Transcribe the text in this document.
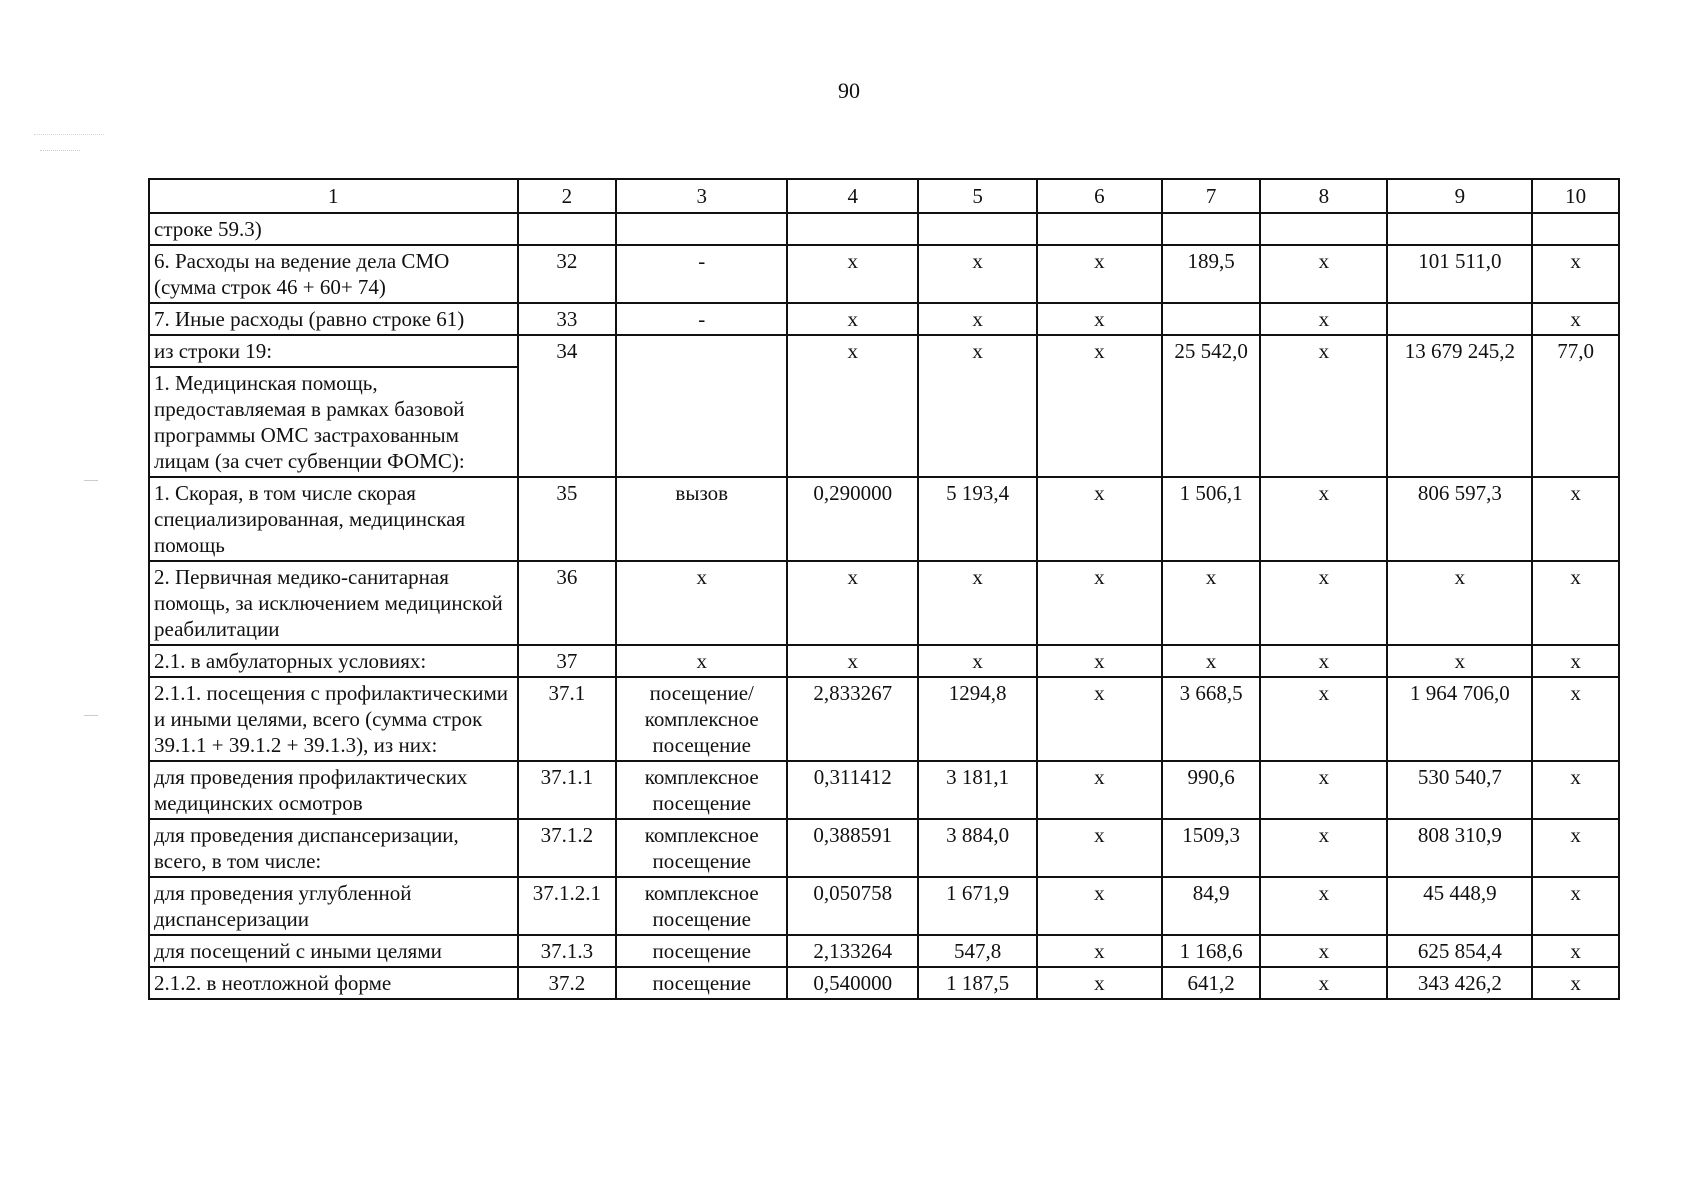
90
1	2	3	4	5	6	7	8	9	10
строке 59.3)									
6. Расходы на ведение дела СМО (сумма строк 46 + 60+ 74)	32	-	х	х	х	189,5	х	101 511,0	х
7. Иные расходы (равно строке 61)	33	-	х	х	х		х		х
из строки 19:	34		х	х	х	25 542,0	х	13 679 245,2	77,0
1. Медицинская помощь, предоставляемая в рамках базовой программы ОМС застрахованным лицам (за счет субвенции ФОМС):									
1. Скорая, в том числе скорая специализированная, медицинская помощь	35	вызов	0,290000	5 193,4	х	1 506,1	х	806 597,3	х
2. Первичная медико-санитарная помощь, за исключением медицинской реабилитации	36	х	х	х	х	х	х	х	х
2.1. в амбулаторных условиях:	37	х	х	х	х	х	х	х	х
2.1.1. посещения с профилактическими и иными целями, всего (сумма строк 39.1.1 + 39.1.2 + 39.1.3), из них:	37.1	посещение/ комплексное посещение	2,833267	1294,8	х	3 668,5	х	1 964 706,0	х
для проведения профилактических медицинских осмотров	37.1.1	комплексное посещение	0,311412	3 181,1	х	990,6	х	530 540,7	х
для проведения диспансеризации, всего, в том числе:	37.1.2	комплексное посещение	0,388591	3 884,0	х	1509,3	х	808 310,9	х
для проведения углубленной диспансеризации	37.1.2.1	комплексное посещение	0,050758	1 671,9	х	84,9	х	45 448,9	х
для посещений с иными целями	37.1.3	посещение	2,133264	547,8	х	1 168,6	х	625 854,4	х
2.1.2. в неотложной форме	37.2	посещение	0,540000	1 187,5	х	641,2	х	343 426,2	х
